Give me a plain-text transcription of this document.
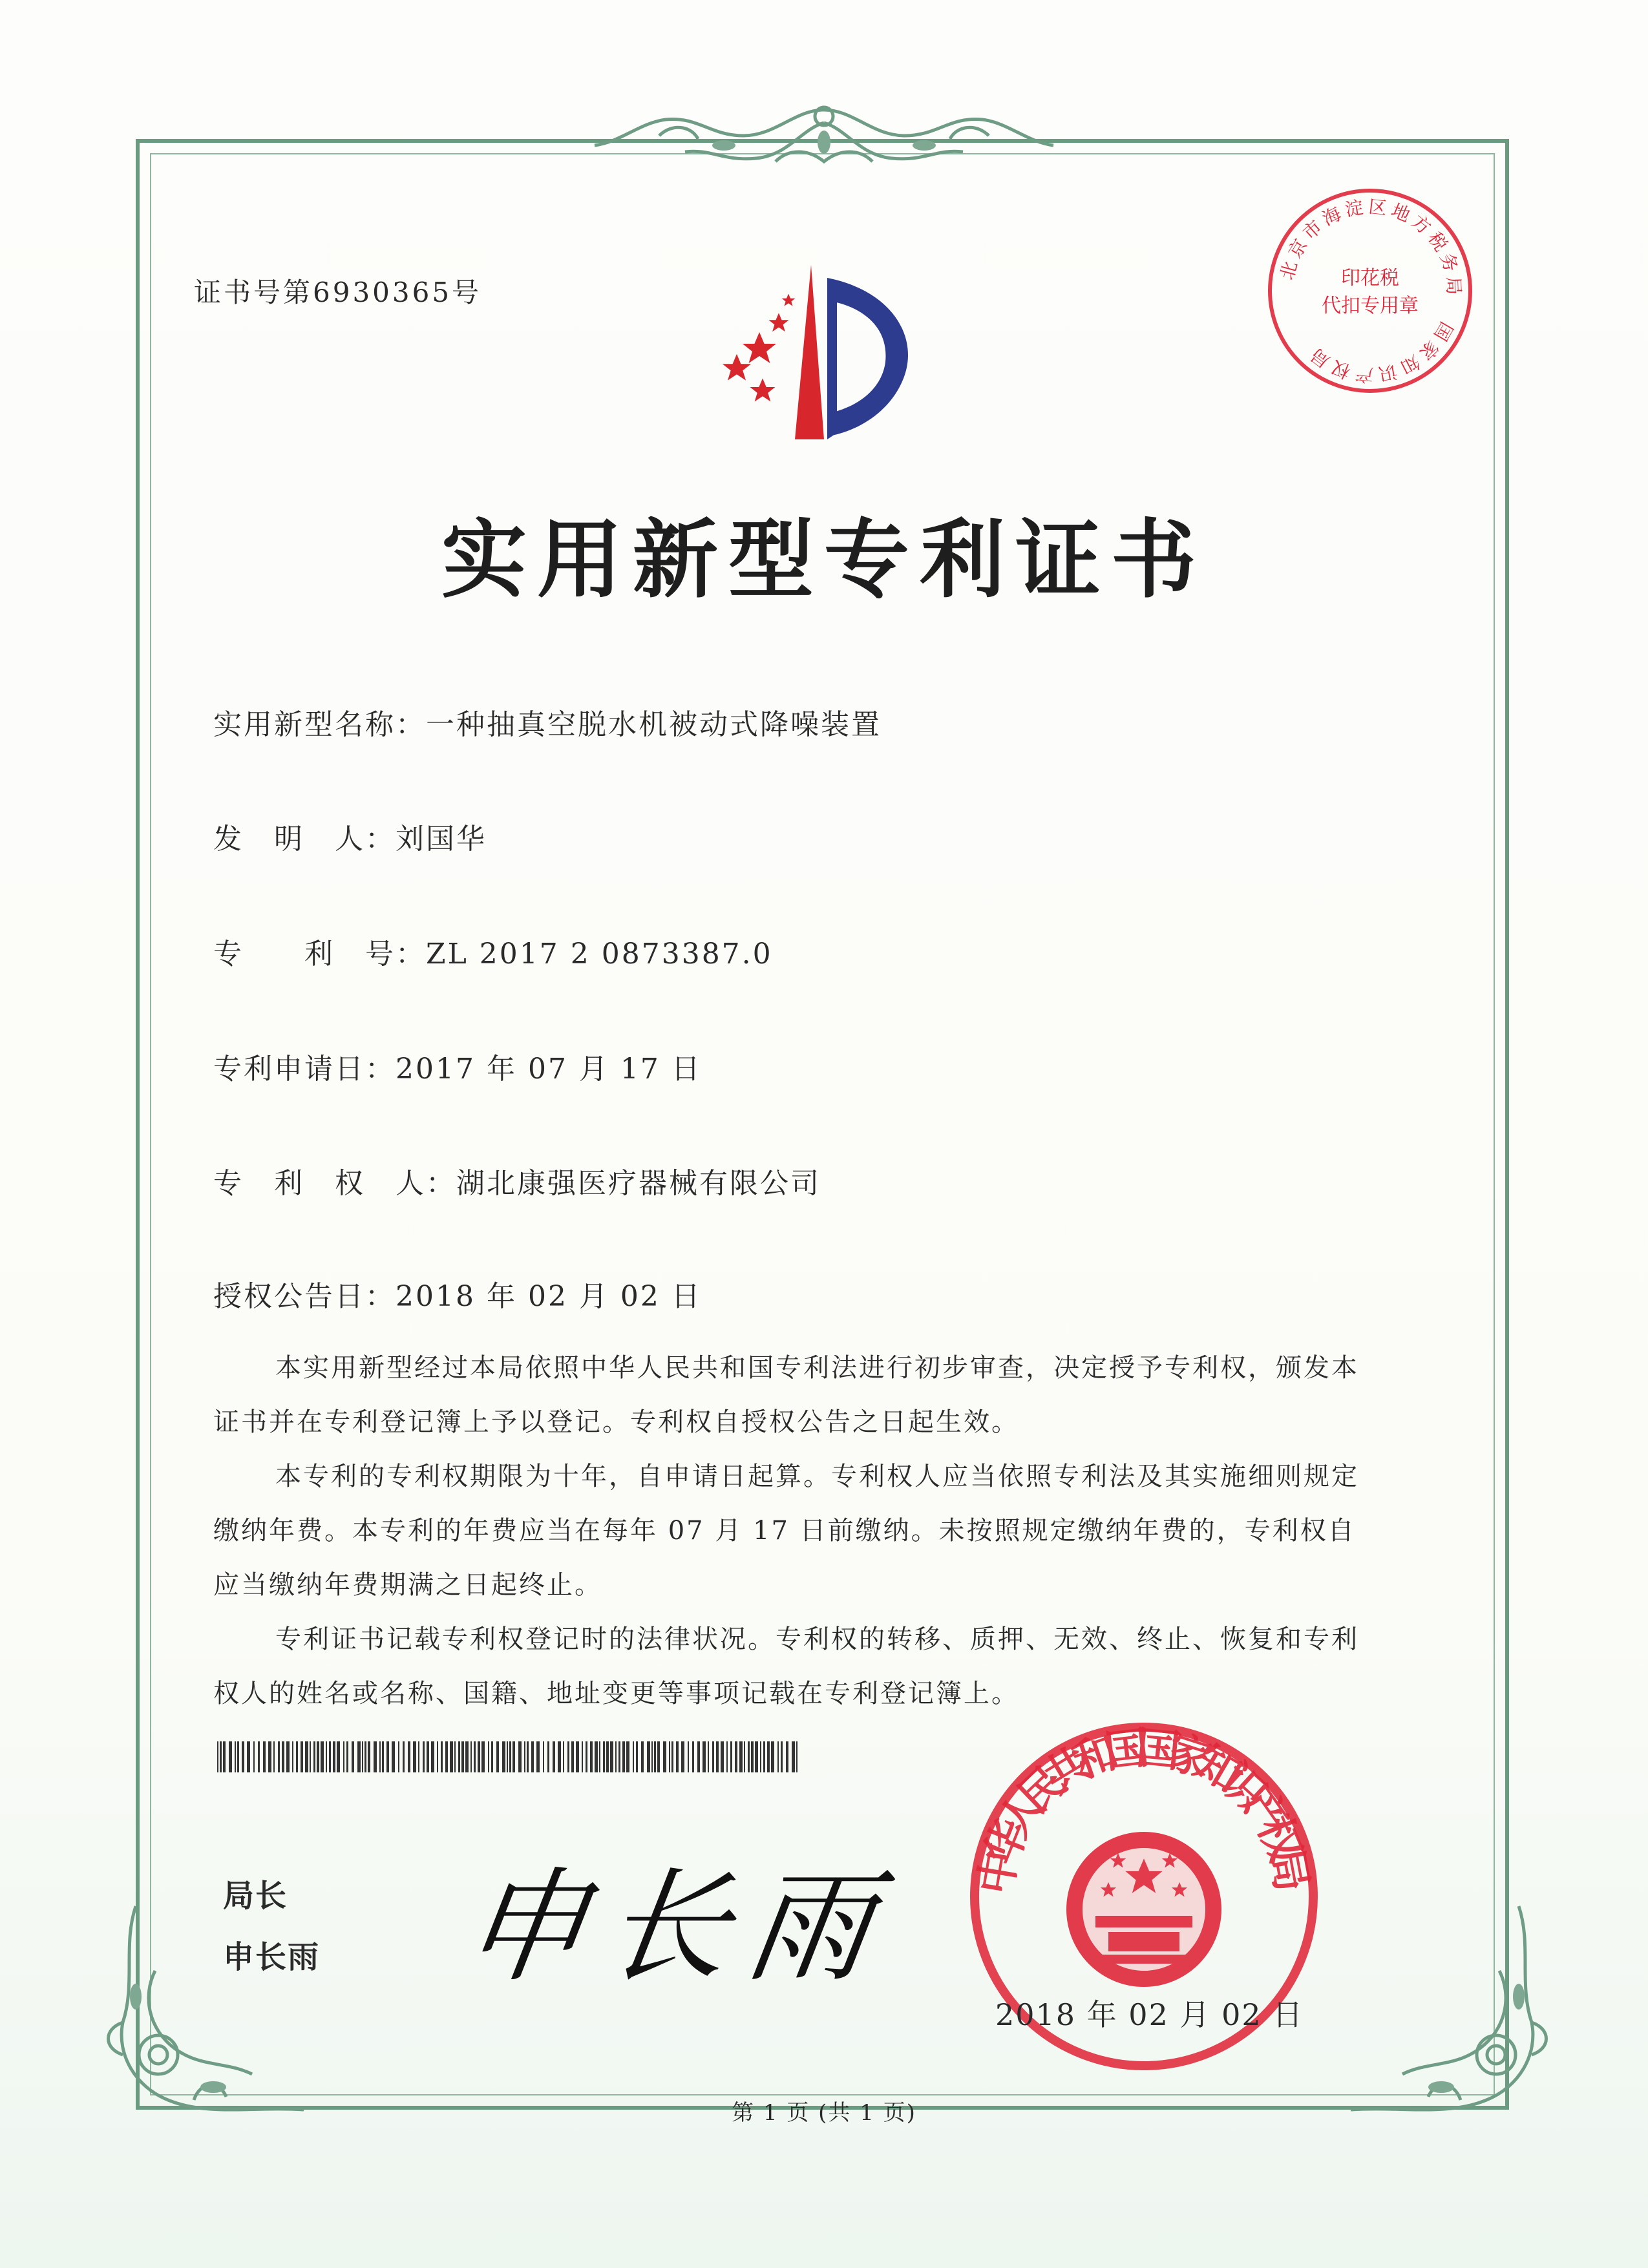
证书号第6930365号
北京市海淀区地方税务局　国家知识产权局
印花税
代扣专用章
实用新型专利证书
实用新型名称：一种抽真空脱水机被动式降噪装置
发　明　人：刘国华
专　　利　号：ZL 2017 2 0873387.0
专利申请日：2017 年 07 月 17 日
专　利　权　人：湖北康强医疗器械有限公司
授权公告日：2018 年 02 月 02 日

本实用新型经过本局依照中华人民共和国专利法进行初步审查，决定授予专利权，颁发本证书并在专利登记簿上予以登记。专利权自授权公告之日起生效。

本专利的专利权期限为十年，自申请日起算。专利权人应当依照专利法及其实施细则规定缴纳年费。本专利的年费应当在每年 07 月 17 日前缴纳。未按照规定缴纳年费的，专利权自应当缴纳年费期满之日起终止。

专利证书记载专利权登记时的法律状况。专利权的转移、质押、无效、终止、恢复和专利权人的姓名或名称、国籍、地址变更等事项记载在专利登记簿上。

局长
申长雨 申长雨 中华人民共和国国家知识产权局
2018 年 02 月 02 日
第 1 页 (共 1 页)
